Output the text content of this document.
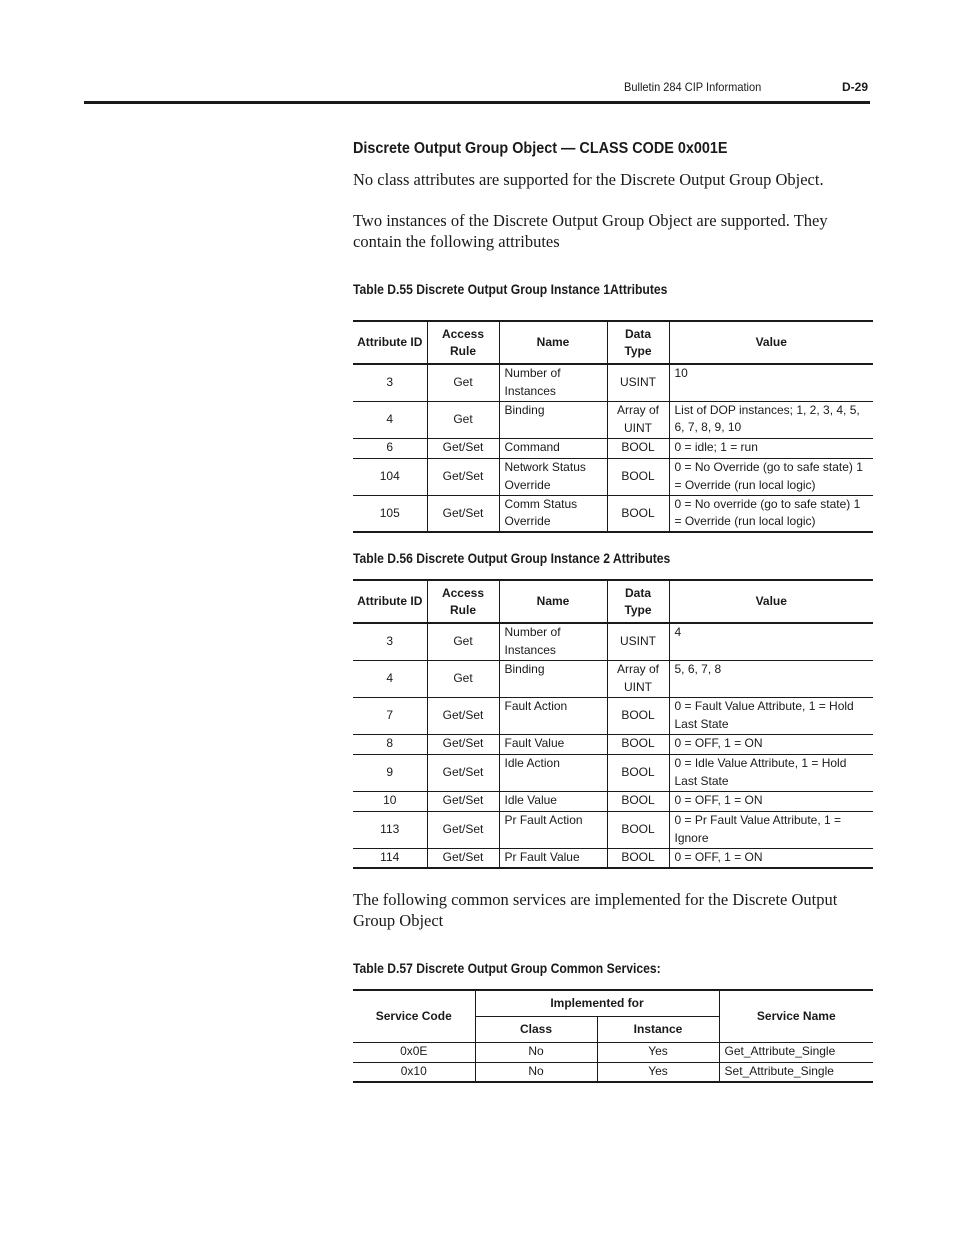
Bulletin 284 CIP Information	D-29
Discrete Output Group Object — CLASS CODE 0x001E
No class attributes are supported for the Discrete Output Group Object.
Two instances of the Discrete Output Group Object are supported. They contain the following attributes
Table D.55 Discrete Output Group Instance 1Attributes
Attribute ID	Access Rule	Name	Data Type	Value
3	Get	Number of Instances	USINT	10
4	Get	Binding	Array of UINT	List of DOP instances; 1, 2, 3, 4, 5, 6, 7, 8, 9, 10
6	Get/Set	Command	BOOL	0 = idle; 1 = run
104	Get/Set	Network Status Override	BOOL	0 = No Override (go to safe state) 1 = Override (run local logic)
105	Get/Set	Comm Status Override	BOOL	0 = No override (go to safe state) 1 = Override (run local logic)
Table D.56 Discrete Output Group Instance 2 Attributes
Attribute ID	Access Rule	Name	Data Type	Value
3	Get	Number of Instances	USINT	4
4	Get	Binding	Array of UINT	5, 6, 7, 8
7	Get/Set	Fault Action	BOOL	0 = Fault Value Attribute, 1 = Hold Last State
8	Get/Set	Fault Value	BOOL	0 = OFF, 1 = ON
9	Get/Set	Idle Action	BOOL	0 = Idle Value Attribute, 1 = Hold Last State
10	Get/Set	Idle Value	BOOL	0 = OFF, 1 = ON
113	Get/Set	Pr Fault Action	BOOL	0 = Pr Fault Value Attribute, 1 = Ignore
114	Get/Set	Pr Fault Value	BOOL	0 = OFF, 1 = ON
The following common services are implemented for the Discrete Output Group Object
Table D.57 Discrete Output Group Common Services:
Service Code	Implemented for		Service Name
	Class	Instance	
0x0E	No	Yes	Get_Attribute_Single
0x10	No	Yes	Set_Attribute_Single
